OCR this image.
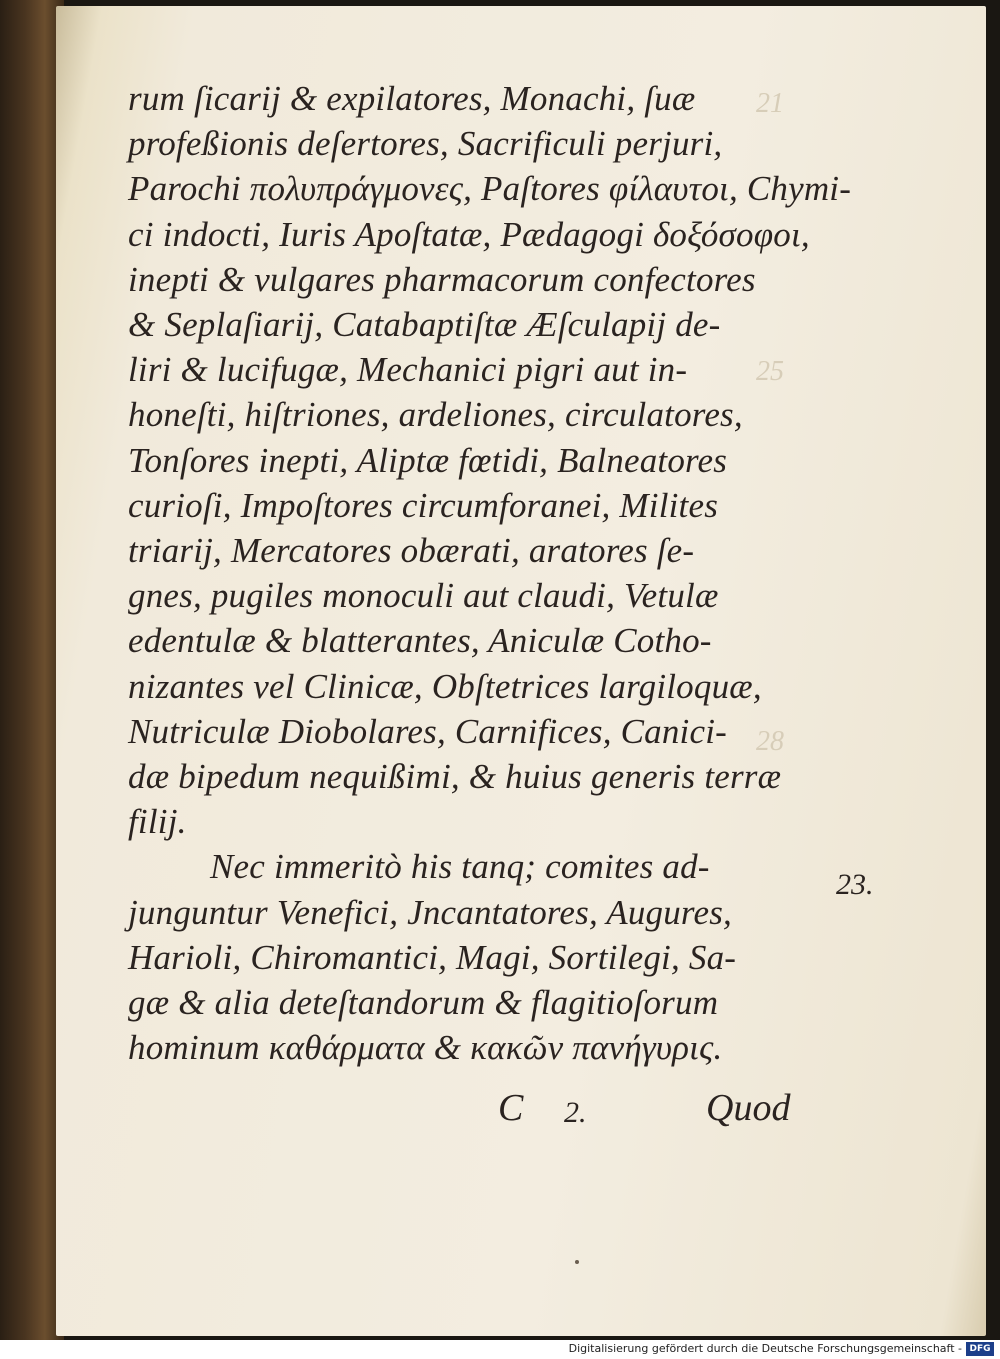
21
25
28
rum ſicarij & expilatores, Monachi, ſuæ
profeßionis deſertores, Sacrificuli perjuri,
Parochi πολυπράγμονες, Paſtores φίλαυτοι, Chymi-
ci indocti, Iuris Apoſtatæ, Pædagogi δοξόσοφοι,
inepti & vulgares pharmacorum confectores
& Seplaſiarij, Catabaptiſtæ Æſculapij de-
liri & lucifugæ, Mechanici pigri aut in-
honeſti, hiſtriones, ardeliones, circulatores,
Tonſores inepti, Aliptæ fœtidi, Balneatores
curioſi, Impoſtores circumforanei, Milites
triarij, Mercatores obærati, aratores ſe-
gnes, pugiles monoculi aut claudi, Vetulæ
edentulæ & blatterantes, Aniculæ Cotho-
nizantes vel Clinicæ, Obſtetrices largiloquæ,
Nutriculæ Diobolares, Carnifices, Canici-
dæ bipedum nequißimi, & huius generis terræ
filij.
Nec immeritò his tanq; comites ad-
junguntur Venefici, Jncantatores, Augures,
Harioli, Chiromantici, Magi, Sortilegi, Sa-
gæ & alia deteſtandorum & flagitioſorum
hominum καθάρματα & κακῶν πανήγυρις.
23.
C 2.	Quod
Digitalisierung gefördert durch die Deutsche Forschungsgemeinschaft - DFG
